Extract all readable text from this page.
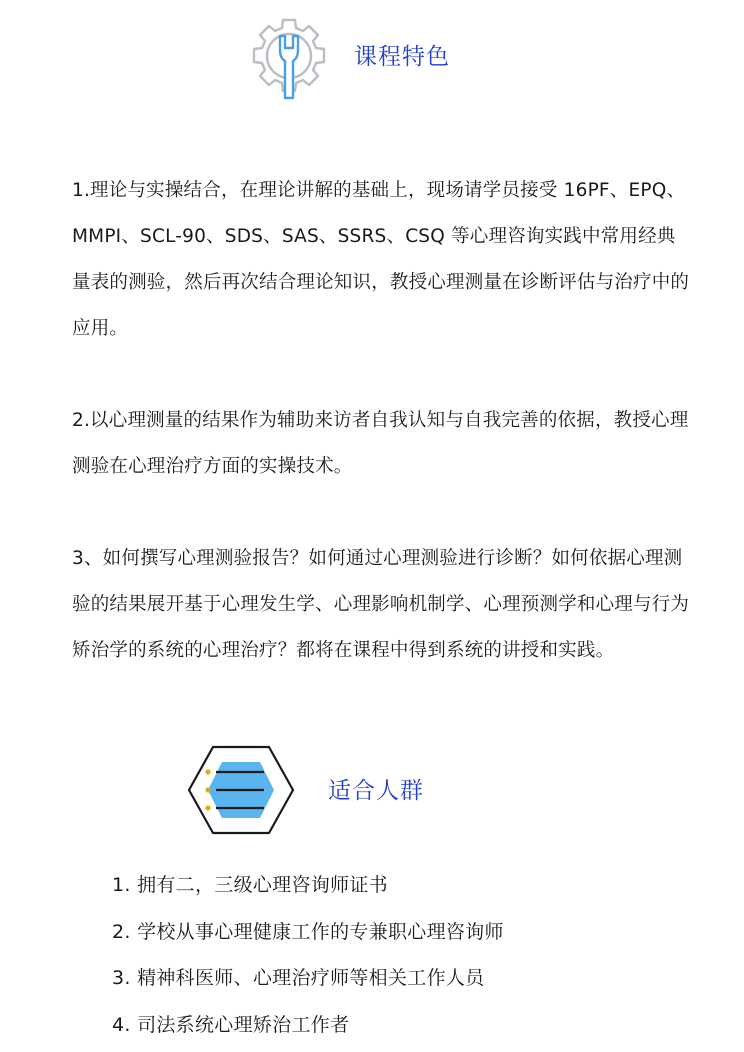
课程特色

1.理论与实操结合，在理论讲解的基础上，现场请学员接受 16PF、EPQ、MMPI、SCL-90、SDS、SAS、SSRS、CSQ 等心理咨询实践中常用经典量表的测验，然后再次结合理论知识，教授心理测量在诊断评估与治疗中的应用。

2.以心理测量的结果作为辅助来访者自我认知与自我完善的依据，教授心理测验在心理治疗方面的实操技术。

3、如何撰写心理测验报告？如何通过心理测验进行诊断？如何依据心理测验的结果展开基于心理发生学、心理影响机制学、心理预测学和心理与行为矫治学的系统的心理治疗？都将在课程中得到系统的讲授和实践。

适合人群
1. 拥有二，三级心理咨询师证书
2. 学校从事心理健康工作的专兼职心理咨询师
3. 精神科医师、心理治疗师等相关工作人员
4. 司法系统心理矫治工作者
